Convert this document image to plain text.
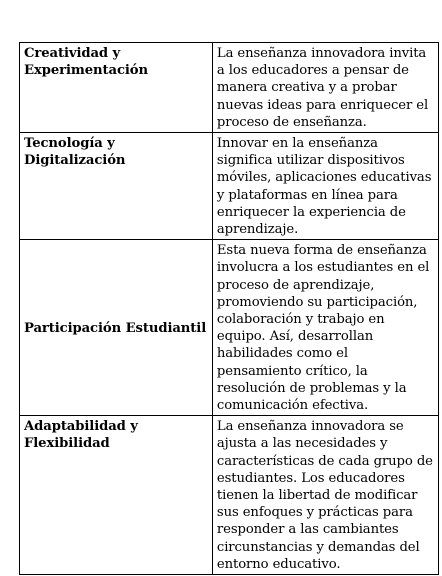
Creatividad y Experimentación	La enseñanza innovadora invita a los educadores a pensar de manera creativa y a probar nuevas ideas para enriquecer el proceso de enseñanza.
Tecnología y Digitalización	Innovar en la enseñanza significa utilizar dispositivos móviles, aplicaciones educativas y plataformas en línea para enriquecer la experiencia de aprendizaje.
Participación Estudiantil	Esta nueva forma de enseñanza involucra a los estudiantes en el proceso de aprendizaje, promoviendo su participación, colaboración y trabajo en equipo. Así, desarrollan habilidades como el pensamiento crítico, la resolución de problemas y la comunicación efectiva.
Adaptabilidad y Flexibilidad	La enseñanza innovadora se ajusta a las necesidades y características de cada grupo de estudiantes. Los educadores tienen la libertad de modificar sus enfoques y prácticas para responder a las cambiantes circunstancias y demandas del entorno educativo.
